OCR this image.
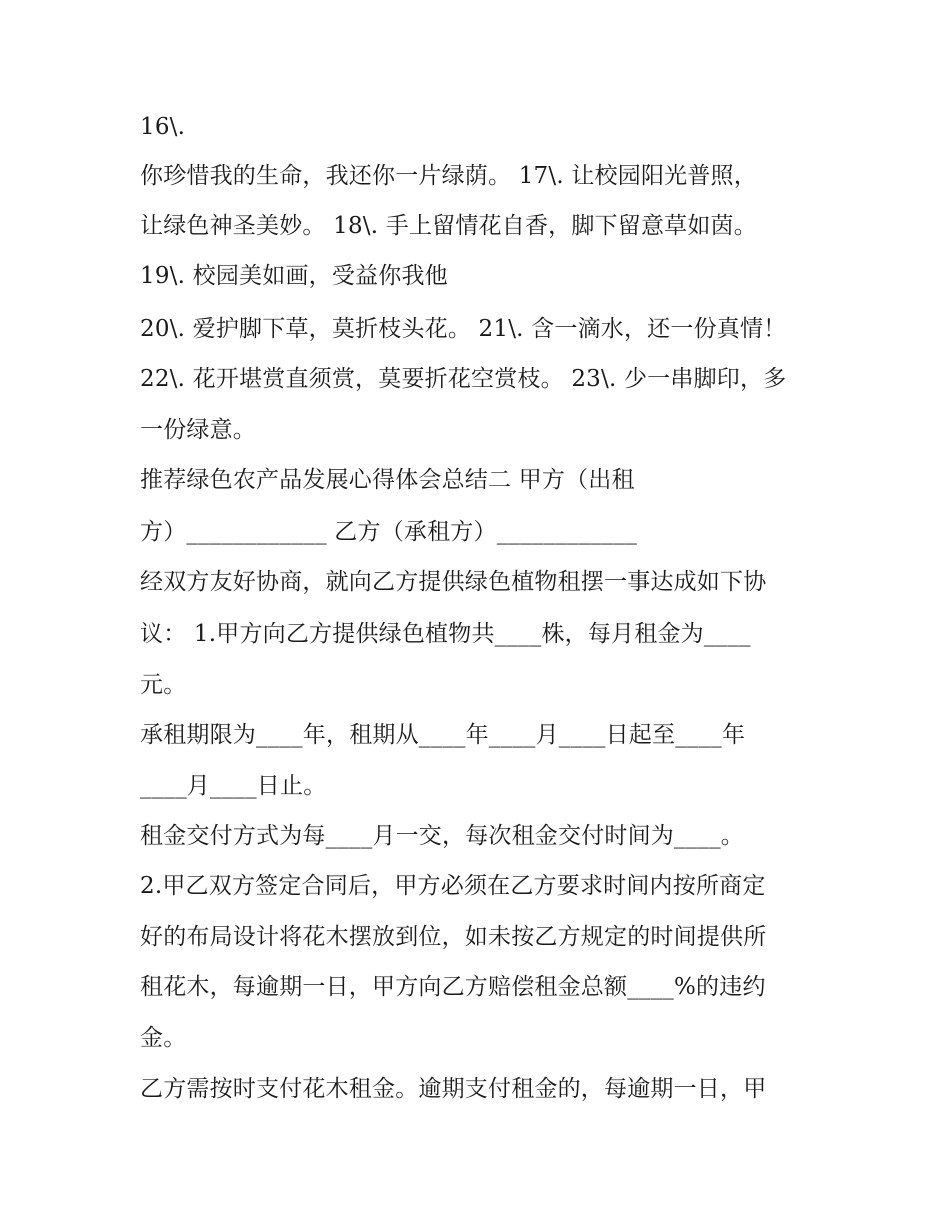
16\.
你珍惜我的生命，我还你一片绿荫。 17\. 让校园阳光普照，
让绿色神圣美妙。 18\. 手上留情花自香，脚下留意草如茵。
19\. 校园美如画，受益你我他
20\. 爱护脚下草，莫折枝头花。 21\. 含一滴水，还一份真情！
22\. 花开堪赏直须赏，莫要折花空赏枝。 23\. 少一串脚印，多
一份绿意。
推荐绿色农产品发展心得体会总结二 甲方（出租
方）____________ 乙方（承租方）____________
经双方友好协商，就向乙方提供绿色植物租摆一事达成如下协
议： 1.甲方向乙方提供绿色植物共____株，每月租金为____
元。
承租期限为____年，租期从____年____月____日起至____年
____月____日止。
租金交付方式为每____月一交，每次租金交付时间为____。
2.甲乙双方签定合同后，甲方必须在乙方要求时间内按所商定
好的布局设计将花木摆放到位，如未按乙方规定的时间提供所
租花木，每逾期一日，甲方向乙方赔偿租金总额____%的违约
金。
乙方需按时支付花木租金。逾期支付租金的，每逾期一日，甲
